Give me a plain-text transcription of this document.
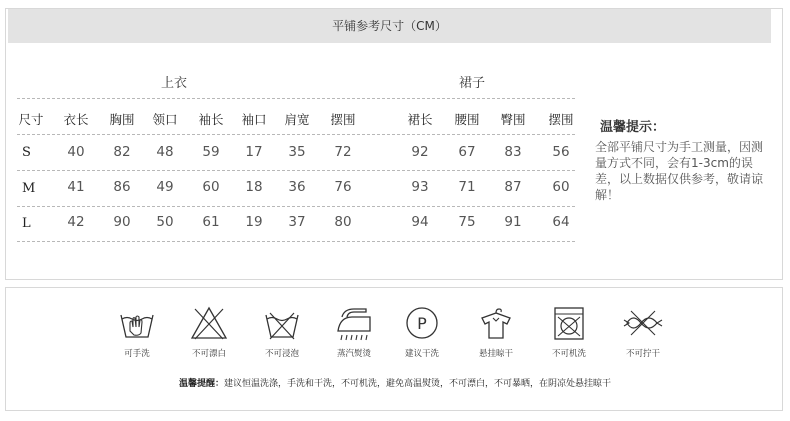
平铺参考尺寸（CM）
上衣	裙子
尺寸	衣长	胸围	领口	袖长	袖口	肩宽	摆围	裙长	腰围	臀围	摆围
S	40	82	48	59	17	35	72	92	67	83	56
M	41	86	49	60	18	36	76	93	71	87	60
L	42	90	50	61	19	37	80	94	75	91	64
温馨提示：
全部平铺尺寸为手工测量，因测量方式不同，会有1-3cm的误差，以上数据仅供参考，敬请谅解！
可手洗	不可漂白	不可浸泡	蒸汽熨烫
P
建议干洗	悬挂晾干	不可机洗	不可拧干
温馨提醒：建议恒温洗涤，手洗和干洗，不可机洗，避免高温熨烫，不可漂白，不可暴晒，在阴凉处悬挂晾干
